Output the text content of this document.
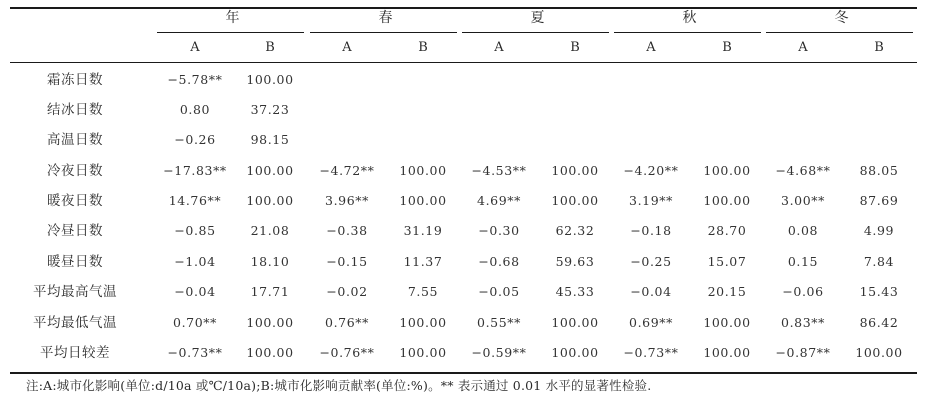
年
A	B
春
A	B
夏
A	B
秋
A	B
冬
A	B
霜冻日数	−5.78**	100.00
结冰日数	0.80	37.23
高温日数	−0.26	98.15
冷夜日数	−17.83**	100.00	−4.72**	100.00	−4.53**	100.00	−4.20**	100.00	−4.68**	88.05
暖夜日数	14.76**	100.00	3.96**	100.00	4.69**	100.00	3.19**	100.00	3.00**	87.69
冷昼日数	−0.85	21.08	−0.38	31.19	−0.30	62.32	−0.18	28.70	0.08	4.99
暖昼日数	−1.04	18.10	−0.15	11.37	−0.68	59.63	−0.25	15.07	0.15	7.84
平均最高气温	−0.04	17.71	−0.02	7.55	−0.05	45.33	−0.04	20.15	−0.06	15.43
平均最低气温	0.70**	100.00	0.76**	100.00	0.55**	100.00	0.69**	100.00	0.83**	86.42
平均日较差	−0.73**	100.00	−0.76**	100.00	−0.59**	100.00	−0.73**	100.00	−0.87**	100.00
注:A:城市化影响(单位:d/10a 或℃/10a);B:城市化影响贡献率(单位:%)。** 表示通过 0.01 水平的显著性检验.
